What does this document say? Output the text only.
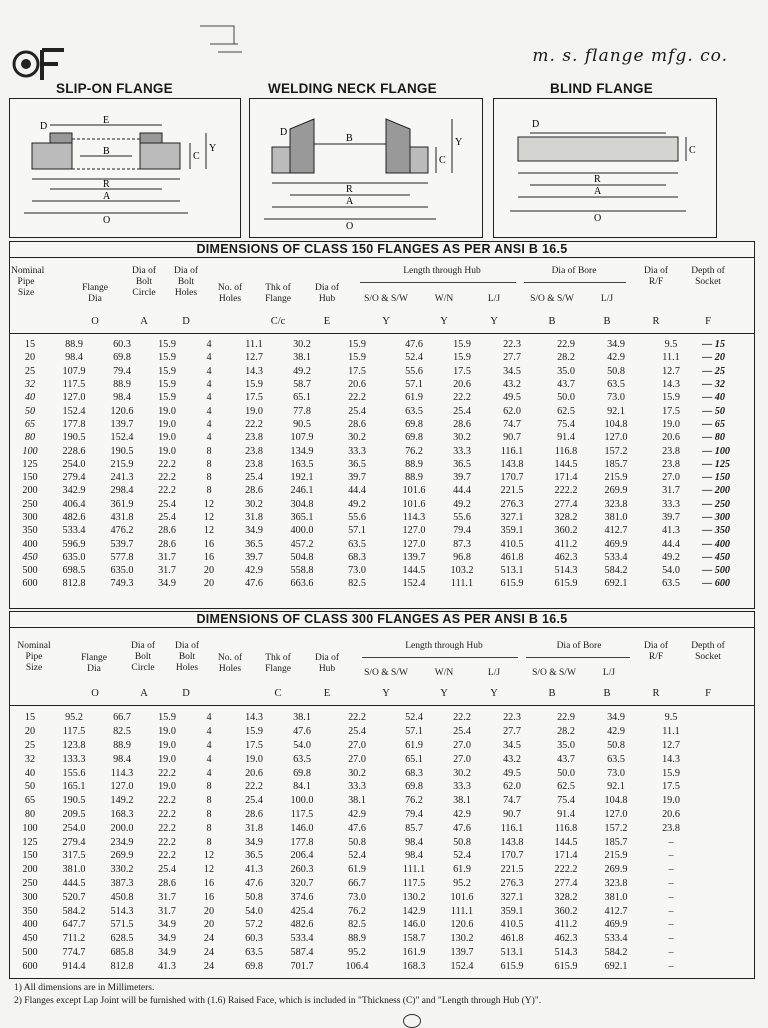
m. s. flange mfg. co.
SLIP-ON FLANGE	WELDING NECK FLANGE	BLIND FLANGE
E
B
R
A
O
C
Y
D
D
B
R
A
O
C
Y
D
R
A
O
C
DIMENSIONS OF CLASS 150 FLANGES AS PER ANSI B 16.5
Nominal Pipe Size	Flange Dia
Dia of Bolt Circle
Dia of Bolt Holes	No. of Holes
Thk of Flange
Dia of Hub
Length through Hub
S/O & S/W	W/N	L/J
Dia of Bore
S/O & S/W	L/J
Dia of R/F
Depth of Socket
O	A	D	C/c	E	Y	Y	Y	B	B	R	F
15	88.9	60.3	15.9	4	11.1	30.2	15.9	47.6	15.9	22.3	22.9	34.9	9.5	— 15
20	98.4	69.8	15.9	4	12.7	38.1	15.9	52.4	15.9	27.7	28.2	42.9	11.1	— 20
25	107.9	79.4	15.9	4	14.3	49.2	17.5	55.6	17.5	34.5	35.0	50.8	12.7	— 25
32	117.5	88.9	15.9	4	15.9	58.7	20.6	57.1	20.6	43.2	43.7	63.5	14.3	— 32
40	127.0	98.4	15.9	4	17.5	65.1	22.2	61.9	22.2	49.5	50.0	73.0	15.9	— 40
50	152.4	120.6	19.0	4	19.0	77.8	25.4	63.5	25.4	62.0	62.5	92.1	17.5	— 50
65	177.8	139.7	19.0	4	22.2	90.5	28.6	69.8	28.6	74.7	75.4	104.8	19.0	— 65
80	190.5	152.4	19.0	4	23.8	107.9	30.2	69.8	30.2	90.7	91.4	127.0	20.6	— 80
100	228.6	190.5	19.0	8	23.8	134.9	33.3	76.2	33.3	116.1	116.8	157.2	23.8	— 100
125	254.0	215.9	22.2	8	23.8	163.5	36.5	88.9	36.5	143.8	144.5	185.7	23.8	— 125
150	279.4	241.3	22.2	8	25.4	192.1	39.7	88.9	39.7	170.7	171.4	215.9	27.0	— 150
200	342.9	298.4	22.2	8	28.6	246.1	44.4	101.6	44.4	221.5	222.2	269.9	31.7	— 200
250	406.4	361.9	25.4	12	30.2	304.8	49.2	101.6	49.2	276.3	277.4	323.8	33.3	— 250
300	482.6	431.8	25.4	12	31.8	365.1	55.6	114.3	55.6	327.1	328.2	381.0	39.7	— 300
350	533.4	476.2	28.6	12	34.9	400.0	57.1	127.0	79.4	359.1	360.2	412.7	41.3	— 350
400	596.9	539.7	28.6	16	36.5	457.2	63.5	127.0	87.3	410.5	411.2	469.9	44.4	— 400
450	635.0	577.8	31.7	16	39.7	504.8	68.3	139.7	96.8	461.8	462.3	533.4	49.2	— 450
500	698.5	635.0	31.7	20	42.9	558.8	73.0	144.5	103.2	513.1	514.3	584.2	54.0	— 500
600	812.8	749.3	34.9	20	47.6	663.6	82.5	152.4	111.1	615.9	615.9	692.1	63.5	— 600
DIMENSIONS OF CLASS 300 FLANGES AS PER ANSI B 16.5
Nominal Pipe Size
Flange Dia
Dia of Bolt Circle
Dia of Bolt Holes
No. of Holes
Thk of Flange
Dia of Hub
Length through Hub
S/O & S/W	W/N	L/J
Dia of Bore
S/O & S/W	L/J
Dia of R/F
Depth of Socket
O	A	D	C	E	Y	Y	Y	B	B	R	F
15	95.2	66.7	15.9	4	14.3	38.1	22.2	52.4	22.2	22.3	22.9	34.9	9.5
20	117.5	82.5	19.0	4	15.9	47.6	25.4	57.1	25.4	27.7	28.2	42.9	11.1
25	123.8	88.9	19.0	4	17.5	54.0	27.0	61.9	27.0	34.5	35.0	50.8	12.7
32	133.3	98.4	19.0	4	19.0	63.5	27.0	65.1	27.0	43.2	43.7	63.5	14.3
40	155.6	114.3	22.2	4	20.6	69.8	30.2	68.3	30.2	49.5	50.0	73.0	15.9
50	165.1	127.0	19.0	8	22.2	84.1	33.3	69.8	33.3	62.0	62.5	92.1	17.5
65	190.5	149.2	22.2	8	25.4	100.0	38.1	76.2	38.1	74.7	75.4	104.8	19.0
80	209.5	168.3	22.2	8	28.6	117.5	42.9	79.4	42.9	90.7	91.4	127.0	20.6
100	254.0	200.0	22.2	8	31.8	146.0	47.6	85.7	47.6	116.1	116.8	157.2	23.8
125	279.4	234.9	22.2	8	34.9	177.8	50.8	98.4	50.8	143.8	144.5	185.7	–
150	317.5	269.9	22.2	12	36.5	206.4	52.4	98.4	52.4	170.7	171.4	215.9	–
200	381.0	330.2	25.4	12	41.3	260.3	61.9	111.1	61.9	221.5	222.2	269.9	–
250	444.5	387.3	28.6	16	47.6	320.7	66.7	117.5	95.2	276.3	277.4	323.8	–
300	520.7	450.8	31.7	16	50.8	374.6	73.0	130.2	101.6	327.1	328.2	381.0	–
350	584.2	514.3	31.7	20	54.0	425.4	76.2	142.9	111.1	359.1	360.2	412.7	–
400	647.7	571.5	34.9	20	57.2	482.6	82.5	146.0	120.6	410.5	411.2	469.9	–
450	711.2	628.5	34.9	24	60.3	533.4	88.9	158.7	130.2	461.8	462.3	533.4	–
500	774.7	685.8	34.9	24	63.5	587.4	95.2	161.9	139.7	513.1	514.3	584.2	–
600	914.4	812.8	41.3	24	69.8	701.7	106.4	168.3	152.4	615.9	615.9	692.1	–
1) All dimensions are in Millimeters.
2) Flanges except Lap Joint will be furnished with (1.6) Raised Face, which is included in "Thickness (C)" and "Length through Hub (Y)".
